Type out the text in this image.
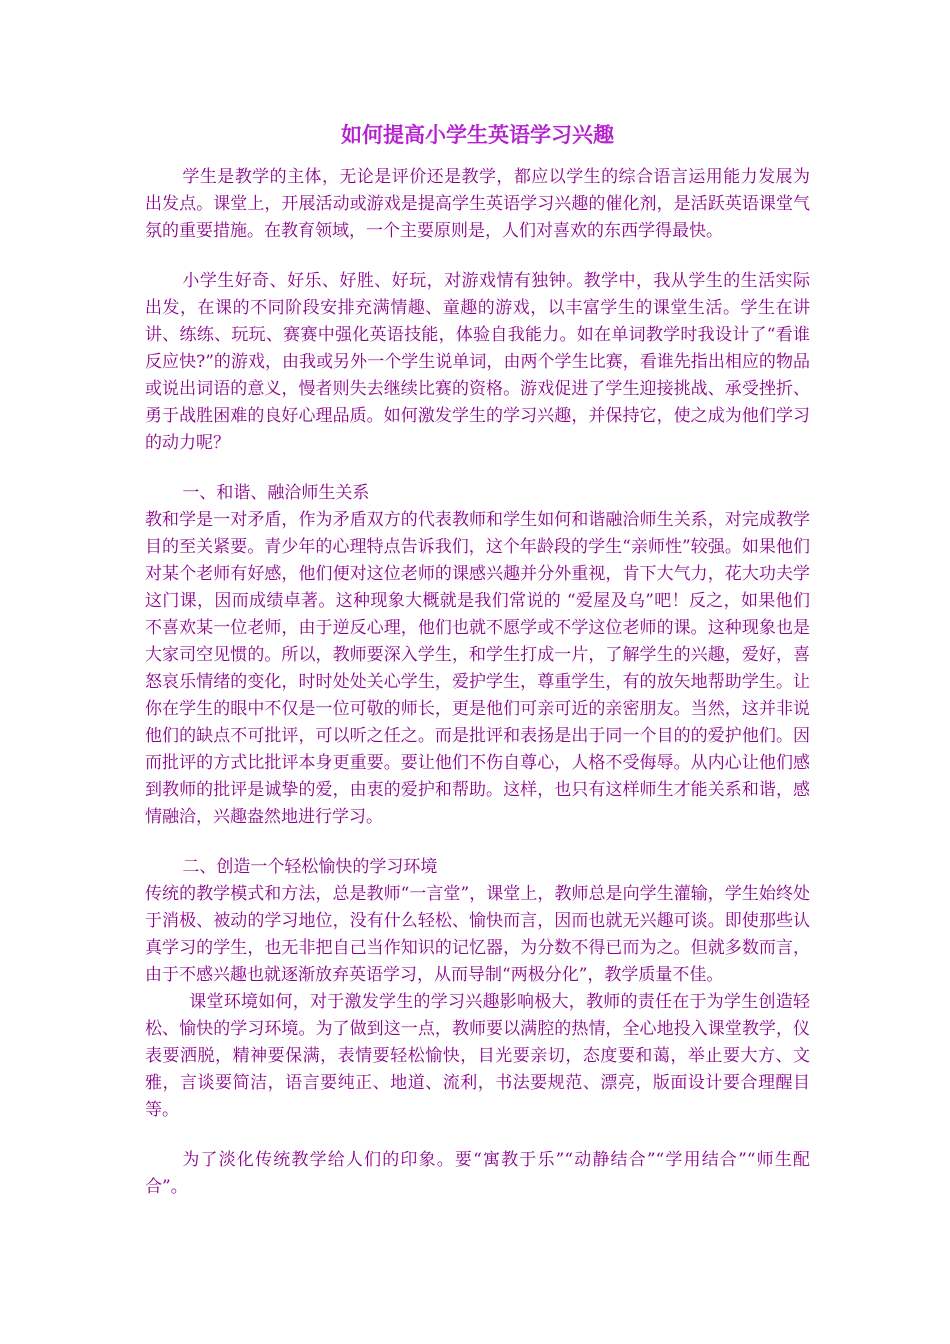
如何提高小学生英语学习兴趣

学生是教学的主体，无论是评价还是教学，都应以学生的综合语言运用能力发展为出发点。课堂上，开展活动或游戏是提高学生英语学习兴趣的催化剂，是活跃英语课堂气氛的重要措施。在教育领域，一个主要原则是，人们对喜欢的东西学得最快。

小学生好奇、好乐、好胜、好玩，对游戏情有独钟。教学中，我从学生的生活实际出发，在课的不同阶段安排充满情趣、童趣的游戏，以丰富学生的课堂生活。学生在讲讲、练练、玩玩、赛赛中强化英语技能，体验自我能力。如在单词教学时我设计了“看谁反应快?”的游戏，由我或另外一个学生说单词，由两个学生比赛，看谁先指出相应的物品或说出词语的意义，慢者则失去继续比赛的资格。游戏促进了学生迎接挑战、承受挫折、勇于战胜困难的良好心理品质。如何激发学生的学习兴趣，并保持它，使之成为他们学习的动力呢？

一、和谐、融洽师生关系

教和学是一对矛盾，作为矛盾双方的代表教师和学生如何和谐融洽师生关系，对完成教学目的至关紧要。青少年的心理特点告诉我们，这个年龄段的学生“亲师性”较强。如果他们对某个老师有好感，他们便对这位老师的课感兴趣并分外重视，肯下大气力，花大功夫学这门课，因而成绩卓著。这种现象大概就是我们常说的 “爱屋及乌”吧！反之，如果他们不喜欢某一位老师，由于逆反心理，他们也就不愿学或不学这位老师的课。这种现象也是大家司空见惯的。所以，教师要深入学生，和学生打成一片，了解学生的兴趣，爱好，喜怒哀乐情绪的变化，时时处处关心学生，爱护学生，尊重学生，有的放矢地帮助学生。让你在学生的眼中不仅是一位可敬的师长，更是他们可亲可近的亲密朋友。当然，这并非说他们的缺点不可批评，可以听之任之。而是批评和表扬是出于同一个目的的爱护他们。因而批评的方式比批评本身更重要。要让他们不伤自尊心，人格不受侮辱。从内心让他们感到教师的批评是诚挚的爱，由衷的爱护和帮助。这样，也只有这样师生才能关系和谐，感情融洽，兴趣盎然地进行学习。

二、创造一个轻松愉快的学习环境

传统的教学模式和方法，总是教师“一言堂”，课堂上，教师总是向学生灌输，学生始终处于消极、被动的学习地位，没有什么轻松、愉快而言，因而也就无兴趣可谈。即使那些认真学习的学生，也无非把自己当作知识的记忆器，为分数不得已而为之。但就多数而言，由于不感兴趣也就逐渐放弃英语学习，从而导制“两极分化”，教学质量不佳。

课堂环境如何，对于激发学生的学习兴趣影响极大，教师的责任在于为学生创造轻松、愉快的学习环境。为了做到这一点，教师要以满腔的热情，全心地投入课堂教学，仪表要洒脱，精神要保满，表情要轻松愉快，目光要亲切，态度要和蔼，举止要大方、文雅，言谈要简洁，语言要纯正、地道、流利，书法要规范、漂亮，版面设计要合理醒目等。

为了淡化传统教学给人们的印象。要“寓教于乐”“动静结合”“学用结合”“师生配合”。
